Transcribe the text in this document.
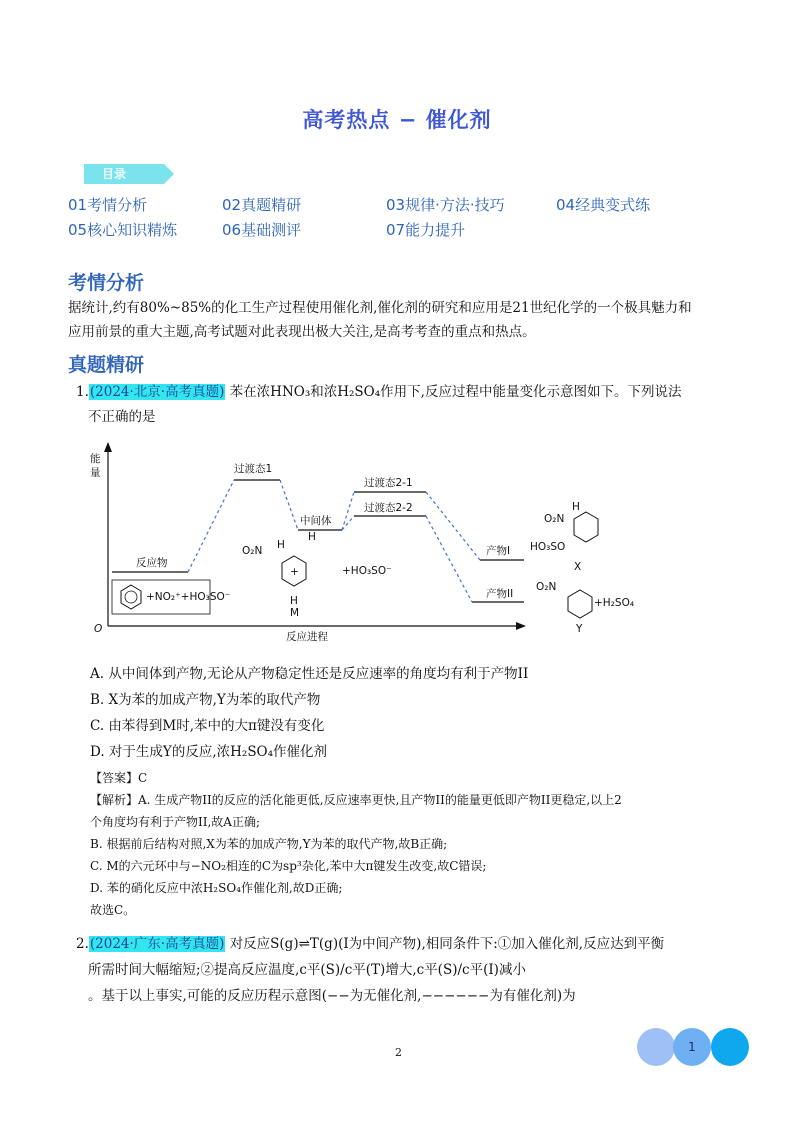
高考热点 − 催化剂
目录
01考情分析	02真题精研	03规律·方法·技巧	04经典变式练
05核心知识精炼	06基础测评	07能力提升
考情分析
据统计,约有80%~85%的化工生产过程使用催化剂,催化剂的研究和应用是21世纪化学的一个极具魅力和
应用前景的重大主题,高考试题对此表现出极大关注,是高考考查的重点和热点。
真题精研
1.(2024·北京·高考真题) 苯在浓HNO₃和浓H₂SO₄作用下,反应过程中能量变化示意图如下。下列说法
不正确的是
能
量
O
反应进程
反应物
过渡态1
中间体
过渡态2-1
过渡态2-2
产物I
产物II
+NO₂⁺+HO₃SO⁻
+
O₂N H
H
H
M
+HO₃SO⁻
O₂N
H
HO₃SO
X
O₂N
+H₂SO₄
Y
A. 从中间体到产物,无论从产物稳定性还是反应速率的角度均有利于产物II
B. X为苯的加成产物,Y为苯的取代产物
C. 由苯得到M时,苯中的大π键没有变化
D. 对于生成Y的反应,浓H₂SO₄作催化剂
【答案】C
【解析】A. 生成产物II的反应的活化能更低,反应速率更快,且产物II的能量更低即产物II更稳定,以上2
个角度均有利于产物II,故A正确;
B. 根据前后结构对照,X为苯的加成产物,Y为苯的取代产物,故B正确;
C. M的六元环中与−NO₂相连的C为sp³杂化,苯中大π键发生改变,故C错误;
D. 苯的硝化反应中浓H₂SO₄作催化剂,故D正确;
故选C。
2.(2024·广东·高考真题) 对反应S(g)⇌T(g)(I为中间产物),相同条件下:①加入催化剂,反应达到平衡
所需时间大幅缩短;②提高反应温度,c平(S)/c平(T)增大,c平(S)/c平(Ⅰ)减小
。基于以上事实,可能的反应历程示意图(−−为无催化剂,−−−−−−为有催化剂)为
2	1
